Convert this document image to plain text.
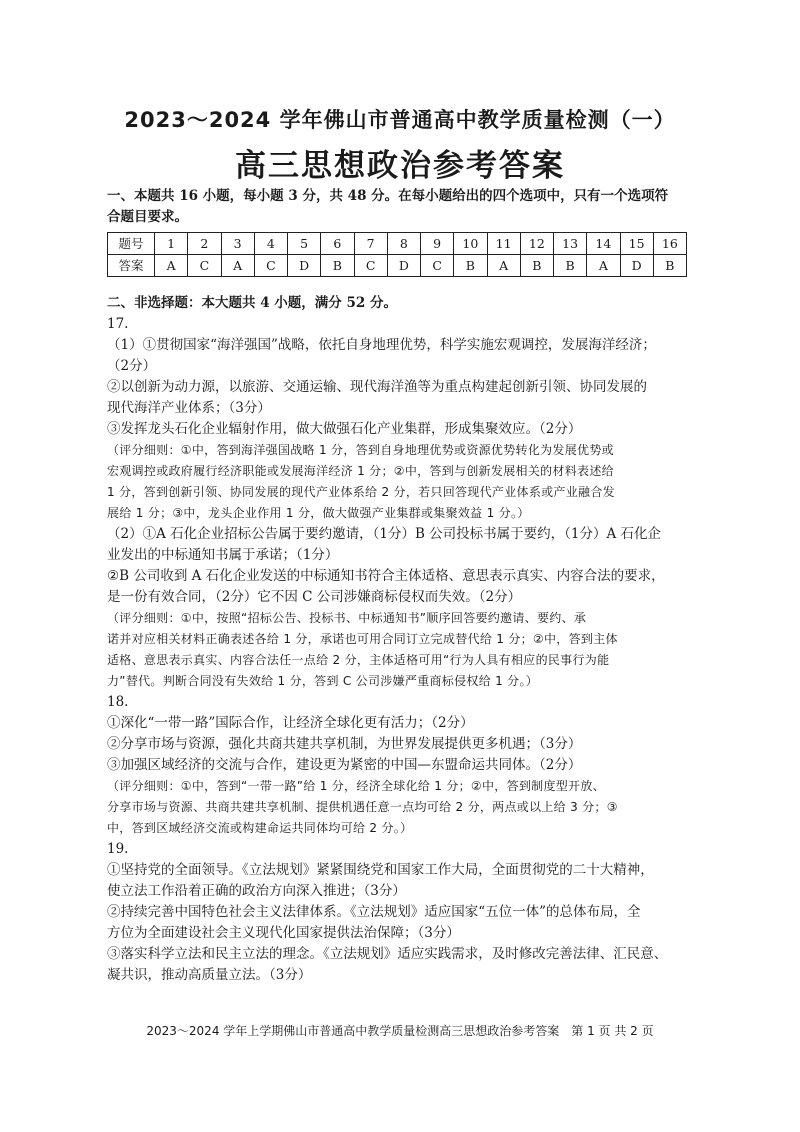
2023～2024 学年佛山市普通高中教学质量检测（一）
高三思想政治参考答案

一、本题共 16 小题，每小题 3 分，共 48 分。在每小题给出的四个选项中，只有一个选项符

合题目要求。

题号	1	2	3	4	5	6	7	8	9	10	11	12	13	14	15	16
答案	A	C	A	C	D	B	C	D	C	B	A	B	B	A	D	B

二、非选择题：本大题共 4 小题，满分 52 分。

17.

（1）①贯彻国家“海洋强国”战略，依托自身地理优势，科学实施宏观调控，发展海洋经济；

（2分）

②以创新为动力源，以旅游、交通运输、现代海洋渔等为重点构建起创新引领、协同发展的

现代海洋产业体系；（3分）

③发挥龙头石化企业辐射作用，做大做强石化产业集群，形成集聚效应。（2分）

（评分细则：①中，答到海洋强国战略 1 分，答到自身地理优势或资源优势转化为发展优势或

宏观调控或政府履行经济职能或发展海洋经济 1 分；②中，答到与创新发展相关的材料表述给

1 分，答到创新引领、协同发展的现代产业体系给 2 分，若只回答现代产业体系或产业融合发

展给 1 分；③中，龙头企业作用 1 分，做大做强产业集群或集聚效益 1 分。）

（2）①A 石化企业招标公告属于要约邀请，（1分）B 公司投标书属于要约，（1分）A 石化企

业发出的中标通知书属于承诺；（1分）

②B 公司收到 A 石化企业发送的中标通知书符合主体适格、意思表示真实、内容合法的要求，

是一份有效合同，（2分）它不因 C 公司涉嫌商标侵权而失效。（2分）

（评分细则：①中，按照“招标公告、投标书、中标通知书”顺序回答要约邀请、要约、承

诺并对应相关材料正确表述各给 1 分，承诺也可用合同订立完成替代给 1 分；②中，答到主体

适格、意思表示真实、内容合法任一点给 2 分，主体适格可用“行为人具有相应的民事行为能

力”替代。判断合同没有失效给 1 分，答到 C 公司涉嫌严重商标侵权给 1 分。）

18.

①深化“一带一路”国际合作，让经济全球化更有活力；（2分）

②分享市场与资源，强化共商共建共享机制，为世界发展提供更多机遇；（3分）

③加强区域经济的交流与合作，建设更为紧密的中国—东盟命运共同体。（2分）

（评分细则：①中，答到“一带一路”给 1 分，经济全球化给 1 分；②中，答到制度型开放、

分享市场与资源、共商共建共享机制、提供机遇任意一点均可给 2 分，两点或以上给 3 分；③

中，答到区域经济交流或构建命运共同体均可给 2 分。）

19.

①坚持党的全面领导。《立法规划》紧紧围绕党和国家工作大局，全面贯彻党的二十大精神，

使立法工作沿着正确的政治方向深入推进；（3分）

②持续完善中国特色社会主义法律体系。《立法规划》适应国家“五位一体”的总体布局，全

方位为全面建设社会主义现代化国家提供法治保障；（3分）

③落实科学立法和民主立法的理念。《立法规划》适应实践需求，及时修改完善法律、汇民意、

凝共识，推动高质量立法。（3分）

2023～2024 学年上学期佛山市普通高中教学质量检测高三思想政治参考答案　第 1 页 共 2 页
